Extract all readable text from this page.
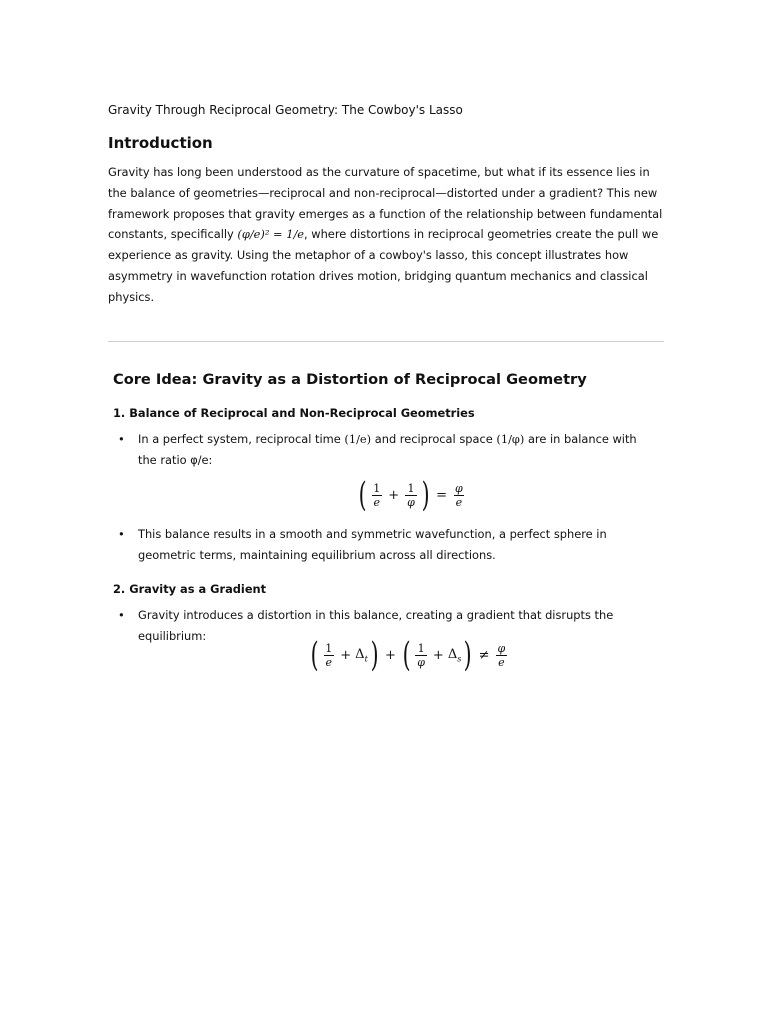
Gravity Through Reciprocal Geometry: The Cowboy's Lasso
Introduction

Gravity has long been understood as the curvature of spacetime, but what if its essence lies in the balance of geometries—reciprocal and non-reciprocal—distorted under a gradient? This new framework proposes that gravity emerges as a function of the relationship between fundamental constants, specifically (φ/e)² = 1/e, where distortions in reciprocal geometries create the pull we experience as gravity. Using the metaphor of a cowboy's lasso, this concept illustrates how asymmetry in wavefunction rotation drives motion, bridging quantum mechanics and classical physics.

Core Idea: Gravity as a Distortion of Reciprocal Geometry
1. Balance of Reciprocal and Non-Reciprocal Geometries
•	In a perfect system, reciprocal time (1/e) and reciprocal space (1/φ) are in balance with the ratio φ/e:
( $\frac{1}{e} + \frac{1}{\varphi}$ ) = $\frac{\varphi}{e}$
•	This balance results in a smooth and symmetric wavefunction, a perfect sphere in geometric terms, maintaining equilibrium across all directions.
2. Gravity as a Gradient
•	Gravity introduces a distortion in this balance, creating a gradient that disrupts the equilibrium:	( $\frac{1}{e} + \Delta_t$ ) + ( $\frac{1}{\varphi} + \Delta_s$ ) ≠ $\frac{\varphi}{e}$
